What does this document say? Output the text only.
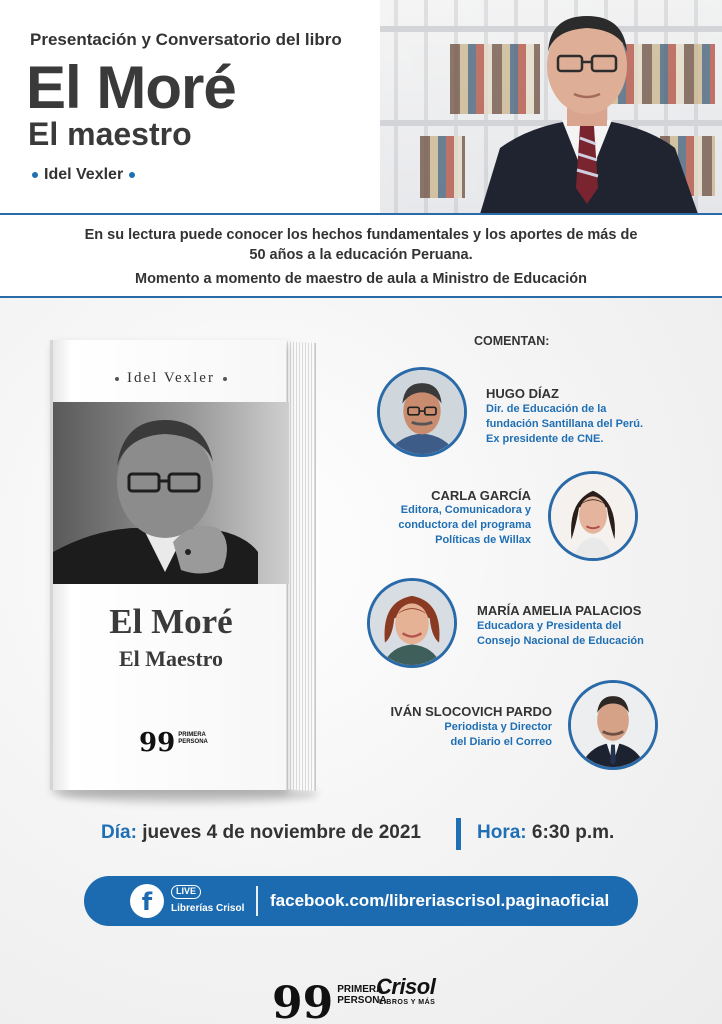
Presentación y Conversatorio del libro
El Moré
El maestro
Idel Vexler
En su lectura puede conocer los hechos fundamentales y los aportes de más de 50 años a la educación Peruana.
Momento a momento de maestro de aula a Ministro de Educación
Idel Vexler
El Moré
El Maestro
99 PRIMERA PERSONA
COMENTAN:
HUGO DÍAZ
Dir. de Educación de la
fundación Santillana del Perú.
Ex presidente de CNE.
CARLA GARCÍA
Editora, Comunicadora y
conductora del programa
Políticas de Willax
MARÍA AMELIA PALACIOS
Educadora y Presidenta del
Consejo Nacional de Educación
IVÁN SLOCOVICH PARDO
Periodista y Director
del Diario el Correo
Día: jueves 4 de noviembre de 2021	Hora: 6:30 p.m.
f	LIVE
Librerías Crisol facebook.com/libreriascrisol.paginaoficial
99 PRIMERA PERSONA
Crisol
LIBROS Y MÁS
